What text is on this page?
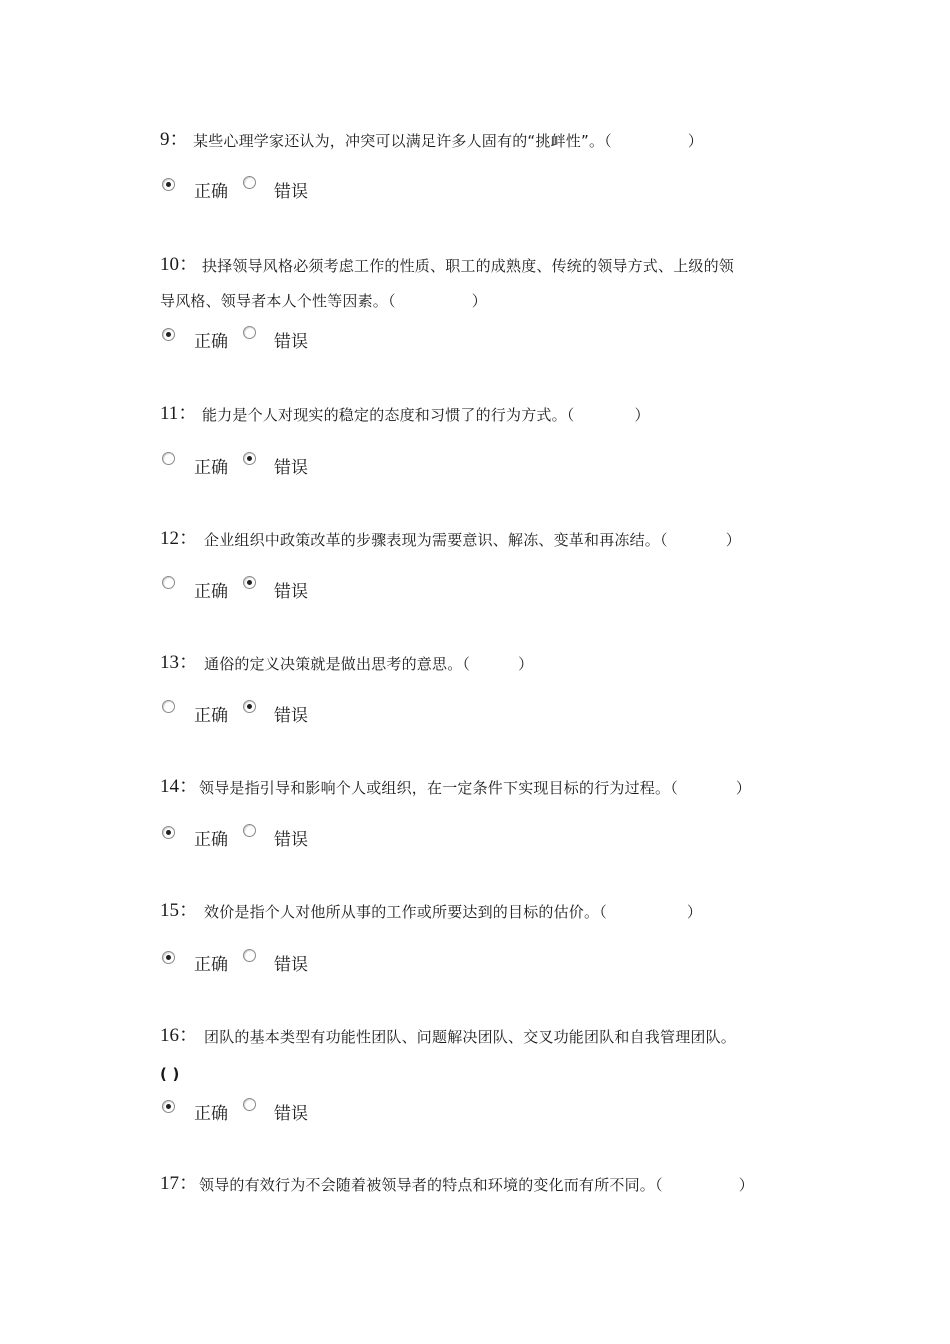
9： 某些心理学家还认为，冲突可以满足许多人固有的“挑衅性”。（	）
正确	错误
10： 抉择领导风格必须考虑工作的性质、职工的成熟度、传统的领导方式、上级的领
导风格、领导者本人个性等因素。（	）
正确	错误
11： 能力是个人对现实的稳定的态度和习惯了的行为方式。（	）
正确	错误
12： 企业组织中政策改革的步骤表现为需要意识、解冻、变革和再冻结。（	）
正确	错误
13： 通俗的定义决策就是做出思考的意思。（	）
正确	错误
14： 领导是指引导和影响个人或组织，在一定条件下实现目标的行为过程。（	）
正确	错误
15： 效价是指个人对他所从事的工作或所要达到的目标的估价。（	）
正确	错误
16： 团队的基本类型有功能性团队、问题解决团队、交叉功能团队和自我管理团队。
( )
正确	错误
17： 领导的有效行为不会随着被领导者的特点和环境的变化而有所不同。（	）
